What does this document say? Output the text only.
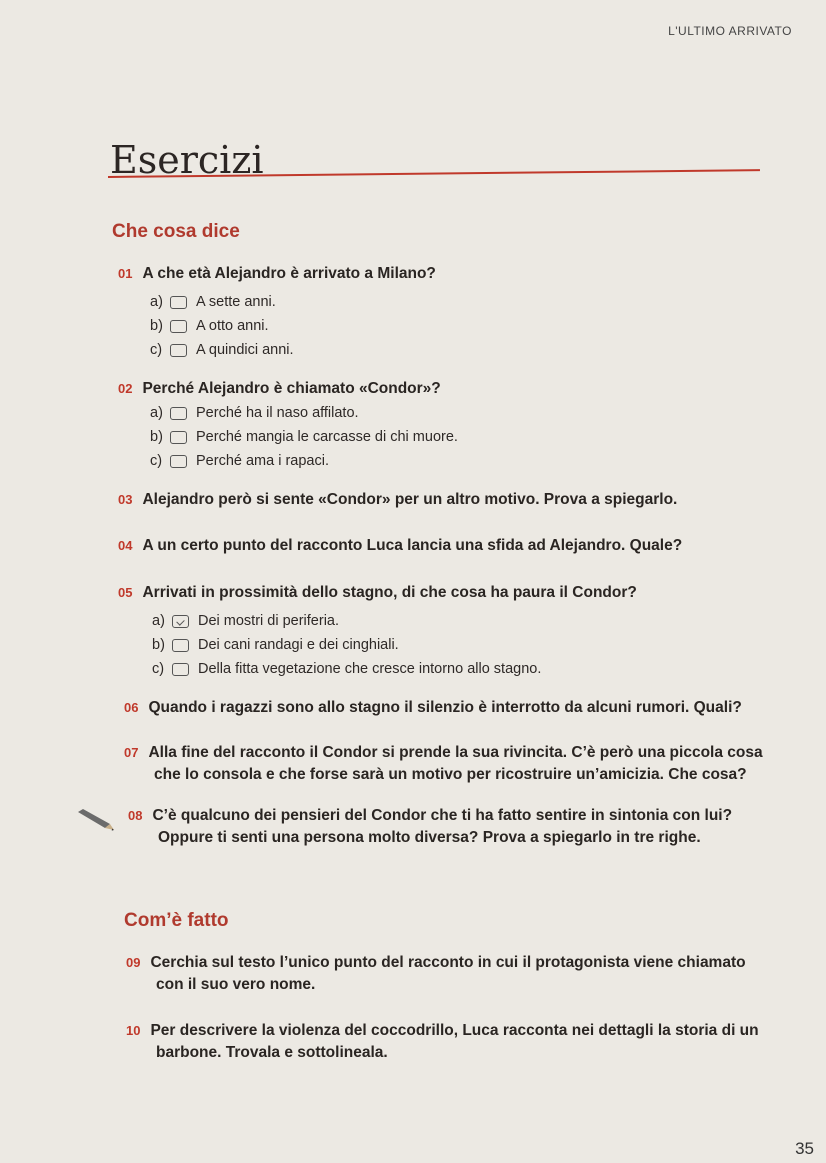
L'ULTIMO ARRIVATO
Esercizi
Che cosa dice
01 A che età Alejandro è arrivato a Milano?
a)	A sette anni.
b)	A otto anni.
c)	A quindici anni.
02 Perché Alejandro è chiamato «Condor»?
a)	Perché ha il naso affilato.
b)	Perché mangia le carcasse di chi muore.
c)	Perché ama i rapaci.
03 Alejandro però si sente «Condor» per un altro motivo. Prova a spiegarlo.
04 A un certo punto del racconto Luca lancia una sfida ad Alejandro. Quale?
05 Arrivati in prossimità dello stagno, di che cosa ha paura il Condor?
a)	Dei mostri di periferia.
b)	Dei cani randagi e dei cinghiali.
c)	Della fitta vegetazione che cresce intorno allo stagno.
06 Quando i ragazzi sono allo stagno il silenzio è interrotto da alcuni rumori. Quali?
07 Alla fine del racconto il Condor si prende la sua rivincita. C’è però una piccola cosa
che lo consola e che forse sarà un motivo per ricostruire un’amicizia. Che cosa?
08 C’è qualcuno dei pensieri del Condor che ti ha fatto sentire in sintonia con lui?
Oppure ti senti una persona molto diversa? Prova a spiegarlo in tre righe.
Com’è fatto
09 Cerchia sul testo l’unico punto del racconto in cui il protagonista viene chiamato
con il suo vero nome.
10 Per descrivere la violenza del coccodrillo, Luca racconta nei dettagli la storia di un
barbone. Trovala e sottolineala.
35
